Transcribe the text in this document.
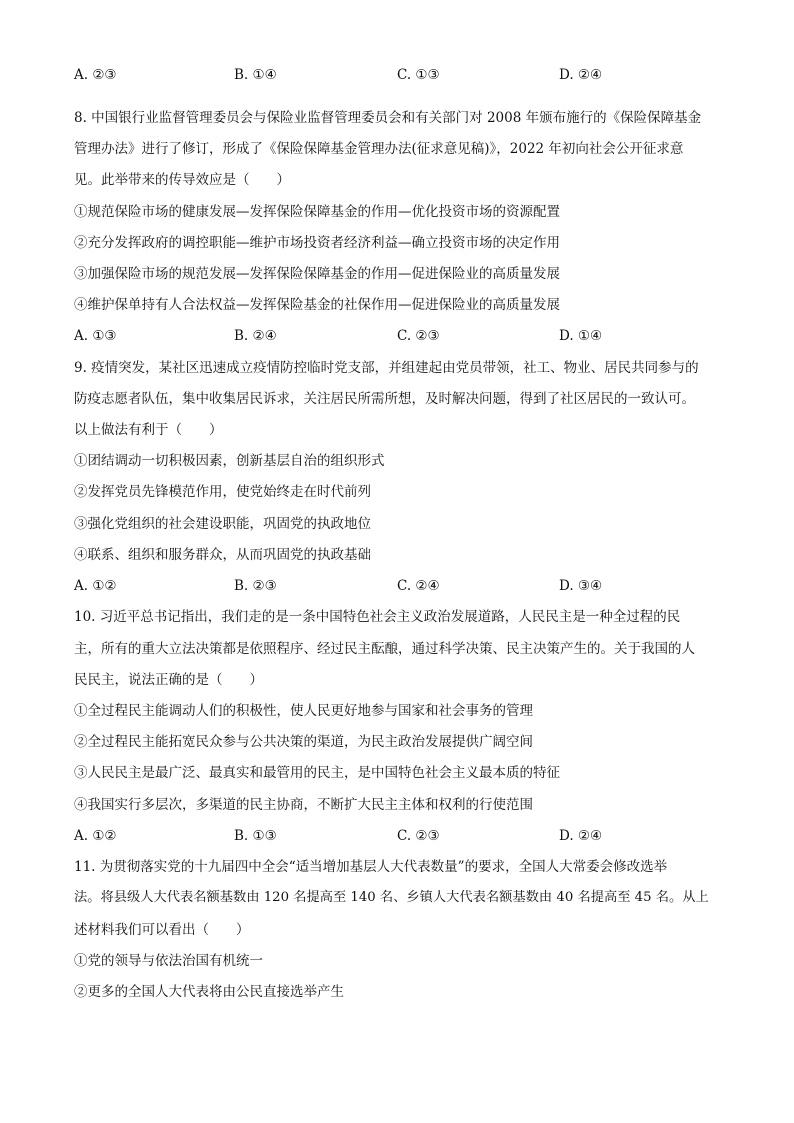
A. ②③	B. ①④	C. ①③	D. ②④
8. 中国银行业监督管理委员会与保险业监督管理委员会和有关部门对 2008 年颁布施行的《保险保障基金
管理办法》进行了修订，形成了《保险保障基金管理办法(征求意见稿)》，2022 年初向社会公开征求意
见。此举带来的传导效应是（　　）
①规范保险市场的健康发展—发挥保险保障基金的作用—优化投资市场的资源配置
②充分发挥政府的调控职能—维护市场投资者经济利益—确立投资市场的决定作用
③加强保险市场的规范发展—发挥保险保障基金的作用—促进保险业的高质量发展
④维护保单持有人合法权益—发挥保险基金的社保作用—促进保险业的高质量发展
A. ①③	B. ②④	C. ②③	D. ①④
9. 疫情突发，某社区迅速成立疫情防控临时党支部，并组建起由党员带领，社工、物业、居民共同参与的
防疫志愿者队伍，集中收集居民诉求，关注居民所需所想，及时解决问题，得到了社区居民的一致认可。
以上做法有利于（　　）
①团结调动一切积极因素，创新基层自治的组织形式
②发挥党员先锋模范作用，使党始终走在时代前列
③强化党组织的社会建设职能，巩固党的执政地位
④联系、组织和服务群众，从而巩固党的执政基础
A. ①②	B. ②③	C. ②④	D. ③④
10. 习近平总书记指出，我们走的是一条中国特色社会主义政治发展道路，人民民主是一种全过程的民
主，所有的重大立法决策都是依照程序、经过民主酝酿，通过科学决策、民主决策产生的。关于我国的人
民民主，说法正确的是（　　）
①全过程民主能调动人们的积极性，使人民更好地参与国家和社会事务的管理
②全过程民主能拓宽民众参与公共决策的渠道，为民主政治发展提供广阔空间
③人民民主是最广泛、最真实和最管用的民主，是中国特色社会主义最本质的特征
④我国实行多层次，多渠道的民主协商，不断扩大民主主体和权利的行使范围
A. ①②	B. ①③	C. ②③	D. ②④
11. 为贯彻落实党的十九届四中全会“适当增加基层人大代表数量”的要求，全国人大常委会修改选举
法。将县级人大代表名额基数由 120 名提高至 140 名、乡镇人大代表名额基数由 40 名提高至 45 名。从上
述材料我们可以看出（　　）
①党的领导与依法治国有机统一
②更多的全国人大代表将由公民直接选举产生
